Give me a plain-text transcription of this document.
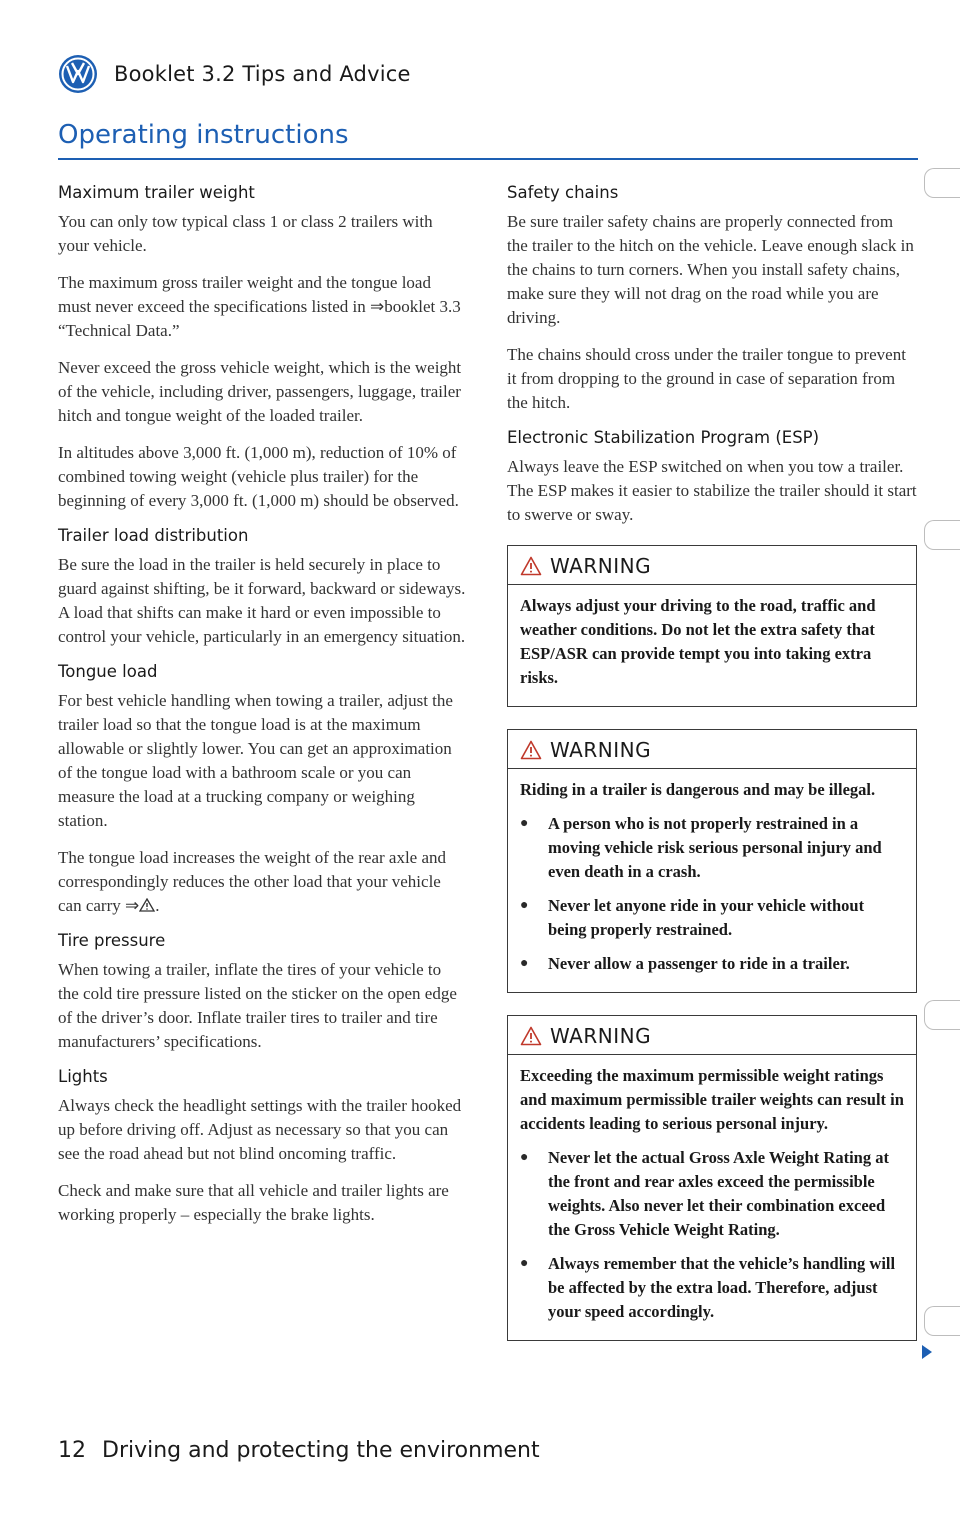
Booklet 3.2 Tips and Advice
Operating instructions
Maximum trailer weight

You can only tow typical class 1 or class 2 trailers with your vehicle.

The maximum gross trailer weight and the tongue load must never exceed the specifications listed in ⇒booklet 3.3 “Technical Data.”

Never exceed the gross vehicle weight, which is the weight of the vehicle, including driver, passengers, luggage, trailer hitch and tongue weight of the loaded trailer.

In altitudes above 3,000 ft. (1,000 m), reduction of 10% of combined towing weight (vehicle plus trailer) for the beginning of every 3,000 ft. (1,000 m) should be observed.

Trailer load distribution

Be sure the load in the trailer is held securely in place to guard against shifting, be it forward, backward or sideways. A load that shifts can make it hard or even impossible to control your vehicle, particularly in an emergency situation.

Tongue load

For best vehicle handling when towing a trailer, adjust the trailer load so that the tongue load is at the maximum allowable or slightly lower. You can get an approximation of the tongue load with a bathroom scale or you can measure the load at a trucking company or weighing station.

The tongue load increases the weight of the rear axle and correspondingly reduces the other load that your vehicle can carry ⇒ .

Tire pressure

When towing a trailer, inflate the tires of your vehicle to the cold tire pressure listed on the sticker on the open edge of the driver’s door. Inflate trailer tires to trailer and tire manufacturers’ specifications.

Lights

Always check the headlight settings with the trailer hooked up before driving off. Adjust as necessary so that you can see the road ahead but not blind oncoming traffic.

Check and make sure that all vehicle and trailer lights are working properly – especially the brake lights.

Safety chains

Be sure trailer safety chains are properly connected from the trailer to the hitch on the vehicle. Leave enough slack in the chains to turn corners. When you install safety chains, make sure they will not drag on the road while you are driving.

The chains should cross under the trailer tongue to prevent it from dropping to the ground in case of separation from the hitch.

Electronic Stabilization Program (ESP)

Always leave the ESP switched on when you tow a trailer. The ESP makes it easier to stabilize the trailer should it start to swerve or sway.

WARNING

Always adjust your driving to the road, traffic and weather conditions. Do not let the extra safety that ESP/ASR can provide tempt you into taking extra risks.

WARNING

Riding in a trailer is dangerous and may be illegal.

●	A person who is not properly restrained in a moving vehicle risk serious personal injury and even death in a crash.

●	Never let anyone ride in your vehicle without being properly restrained.

●	Never allow a passenger to ride in a trailer.

WARNING

Exceeding the maximum permissible weight ratings and maximum permissible trailer weights can result in accidents leading to serious personal injury.

●	Never let the actual Gross Axle Weight Rating at the front and rear axles exceed the permissible weights. Also never let their combination exceed the Gross Vehicle Weight Rating.

●	Always remember that the vehicle’s handling will be affected by the extra load. Therefore, adjust your speed accordingly.

12 Driving and protecting the environment
